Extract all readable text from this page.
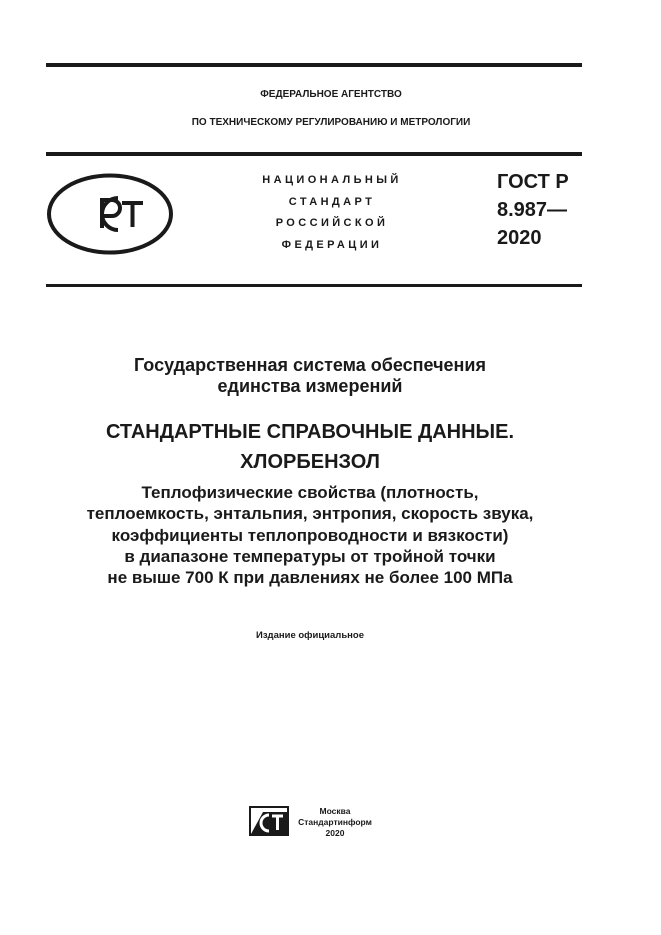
ФЕДЕРАЛЬНОЕ АГЕНТСТВО
ПО ТЕХНИЧЕСКОМУ РЕГУЛИРОВАНИЮ И МЕТРОЛОГИИ
НАЦИОНАЛЬНЫЙ
СТАНДАРТ
РОССИЙСКОЙ
ФЕДЕРАЦИИ
ГОСТ Р
8.987—
2020
Государственная система обеспечения
единства измерений
СТАНДАРТНЫЕ СПРАВОЧНЫЕ ДАННЫЕ.
ХЛОРБЕНЗОЛ
Теплофизические свойства (плотность,
теплоемкость, энтальпия, энтропия, скорость звука,
коэффициенты теплопроводности и вязкости)
в диапазоне температуры от тройной точки
не выше 700 К при давлениях не более 100 МПа
Издание официальное
Москва
Стандартинформ
2020
